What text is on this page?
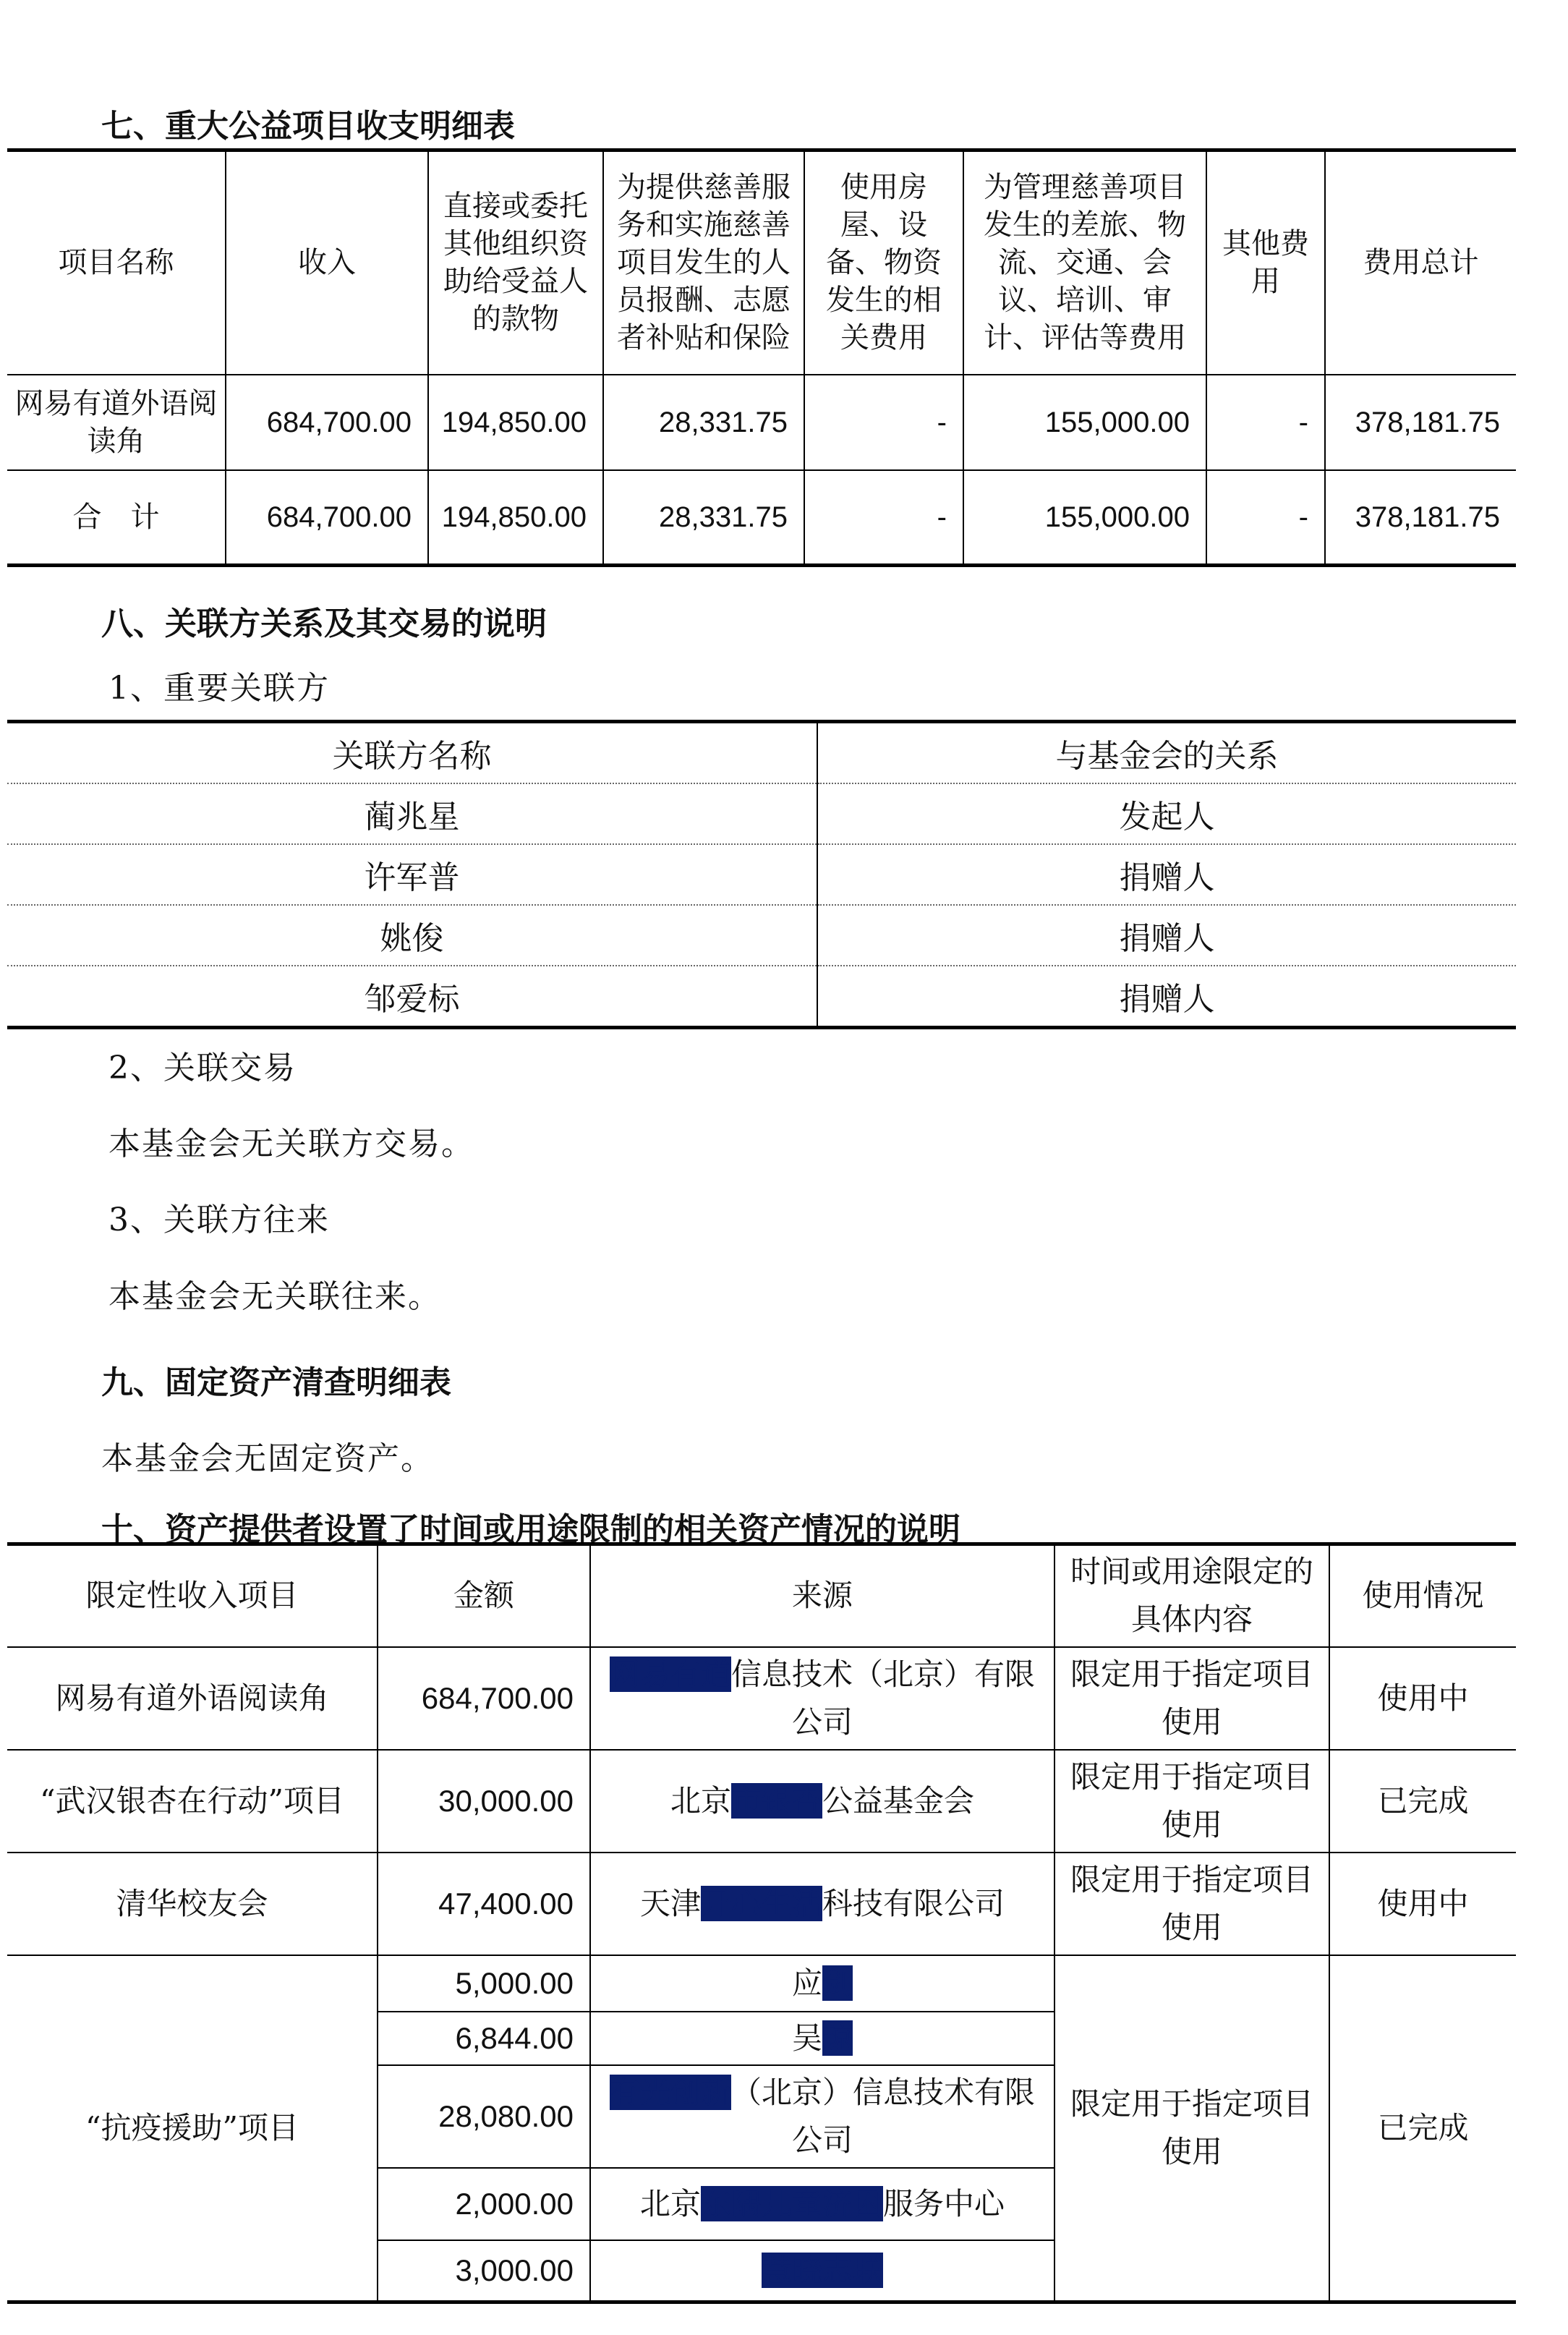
七、重大公益项目收支明细表
项目名称	收入	直接或委托其他组织资助给受益人的款物	为提供慈善服务和实施慈善项目发生的人员报酬、志愿者补贴和保险	使用房屋、设备、物资发生的相关费用	为管理慈善项目发生的差旅、物流、交通、会议、培训、审计、评估等费用	其他费用	费用总计
网易有道外语阅读角	684,700.00	194,850.00	28,331.75	-	155,000.00	-	378,181.75
合　计	684,700.00	194,850.00	28,331.75	-	155,000.00	-	378,181.75
八、关联方关系及其交易的说明
1、重要关联方
关联方名称	与基金会的关系
蔺兆星	发起人
许军普	捐赠人
姚俊	捐赠人
邹爱标	捐赠人
2、关联交易
本基金会无关联方交易。
3、关联方往来
本基金会无关联往来。
九、固定资产清查明细表
本基金会无固定资产。
十、资产提供者设置了时间或用途限制的相关资产情况的说明
限定性收入项目	金额	来源	时间或用途限定的具体内容	使用情况
网易有道外语阅读角	684,700.00	网易有道信息技术（北京）有限公司	限定用于指定项目使用	使用中
“武汉银杏在行动”项目	30,000.00	北京市银杏公益基金会	限定用于指定项目使用	已完成
清华校友会	47,400.00	天津开心生活科技有限公司	限定用于指定项目使用	使用中
“抗疫援助”项目	5,000.00	应剑	限定用于指定项目使用	已完成
	6,844.00	吴琼		
	28,080.00	有光创新（北京）信息技术有限公司		
	2,000.00	北京东隅儿童济困服务中心		
	3,000.00	慧晓志联		
